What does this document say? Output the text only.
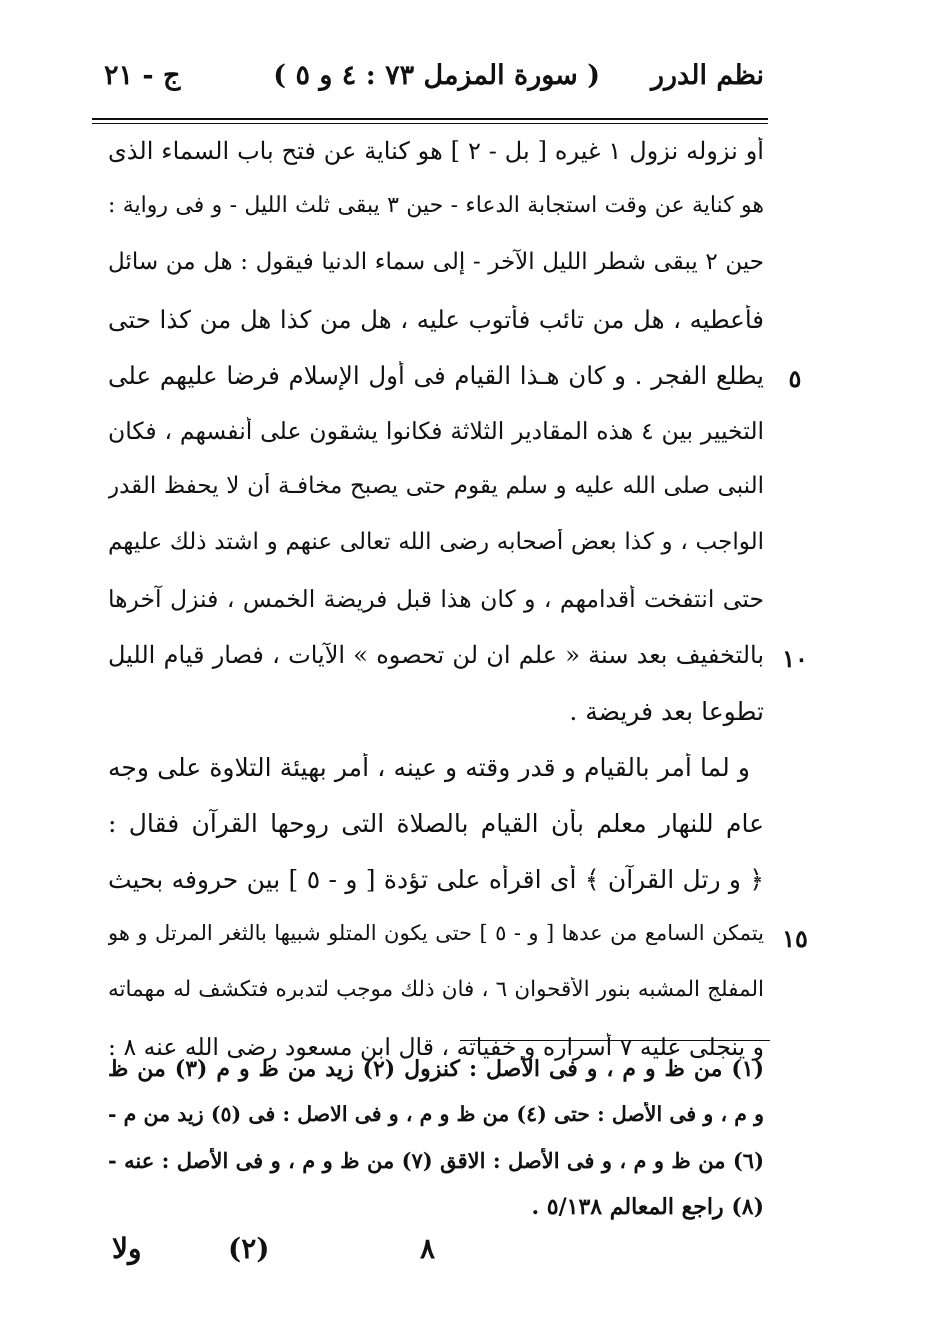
نظم الدرر
( سورة المزمل ٧٣ : ٤ و ٥ )
ج - ٢١
أو نزوله نزول ۱ غيره [ بل - ۲ ] هو كناية عن فتح باب السماء الذى
هو كناية عن وقت استجابة الدعاء - حين ۳ يبقى ثلث الليل - و فى رواية :
حين ۲ يبقى شطر الليل الآخر - إلى سماء الدنيا فيقول : هل من سائل
فأعطيه ، هل من تائب فأتوب عليه ، هل من كذا هل من كذا حتى
يطلع الفجر . و كان هـذا القيام فى أول الإسلام فرضا عليهم على
التخيير بين ٤ هذه المقادير الثلاثة فكانوا يشقون على أنفسهم ، فكان
النبى صلى الله عليه و سلم يقوم حتى يصبح مخافـة أن لا يحفظ القدر
الواجب ، و كذا بعض أصحابه رضى الله تعالى عنهم و اشتد ذلك عليهم
حتى انتفخت أقدامهم ، و كان هذا قبل فريضة الخمس ، فنزل آخرها
بالتخفيف بعد سنة « علم ان لن تحصوه » الآيات ، فصار قيام الليل
تطوعا بعد فريضة .
و لما أمر بالقيام و قدر وقته و عينه ، أمر بهيئة التلاوة على وجه
عام للنهار معلم بأن القيام بالصلاة التى روحها القرآن فقال :
﴿ و رتل القرآن ﴾ أى اقرأه على تؤدة [ و - ٥ ] بين حروفه بحيث
يتمكن السامع من عدها [ و - ٥ ] حتى يكون المتلو شبيها بالثغر المرتل و هو
المفلج المشبه بنور الأقحوان ٦ ، فان ذلك موجب لتدبره فتكشف له مهماته
و ينجلى عليه ۷ أسراره و خفياته ، قال ابن مسعود رضى الله عنه ۸ :
٥
١٠
١٥
(١) من ظ و م ، و فى الأصل : كنزول (٢) زيد من ظ و م (٣) من ظ
و م ، و فى الأصل : حتى (٤) من ظ و م ، و فى الاصل : فى (٥) زيد من م -
(٦) من ظ و م ، و فى الأصل : الاقق (٧) من ظ و م ، و فى الأصل : عنه -
(٨) راجع المعالم ٥/١٣٨ .
٨
(٢)
ولا
